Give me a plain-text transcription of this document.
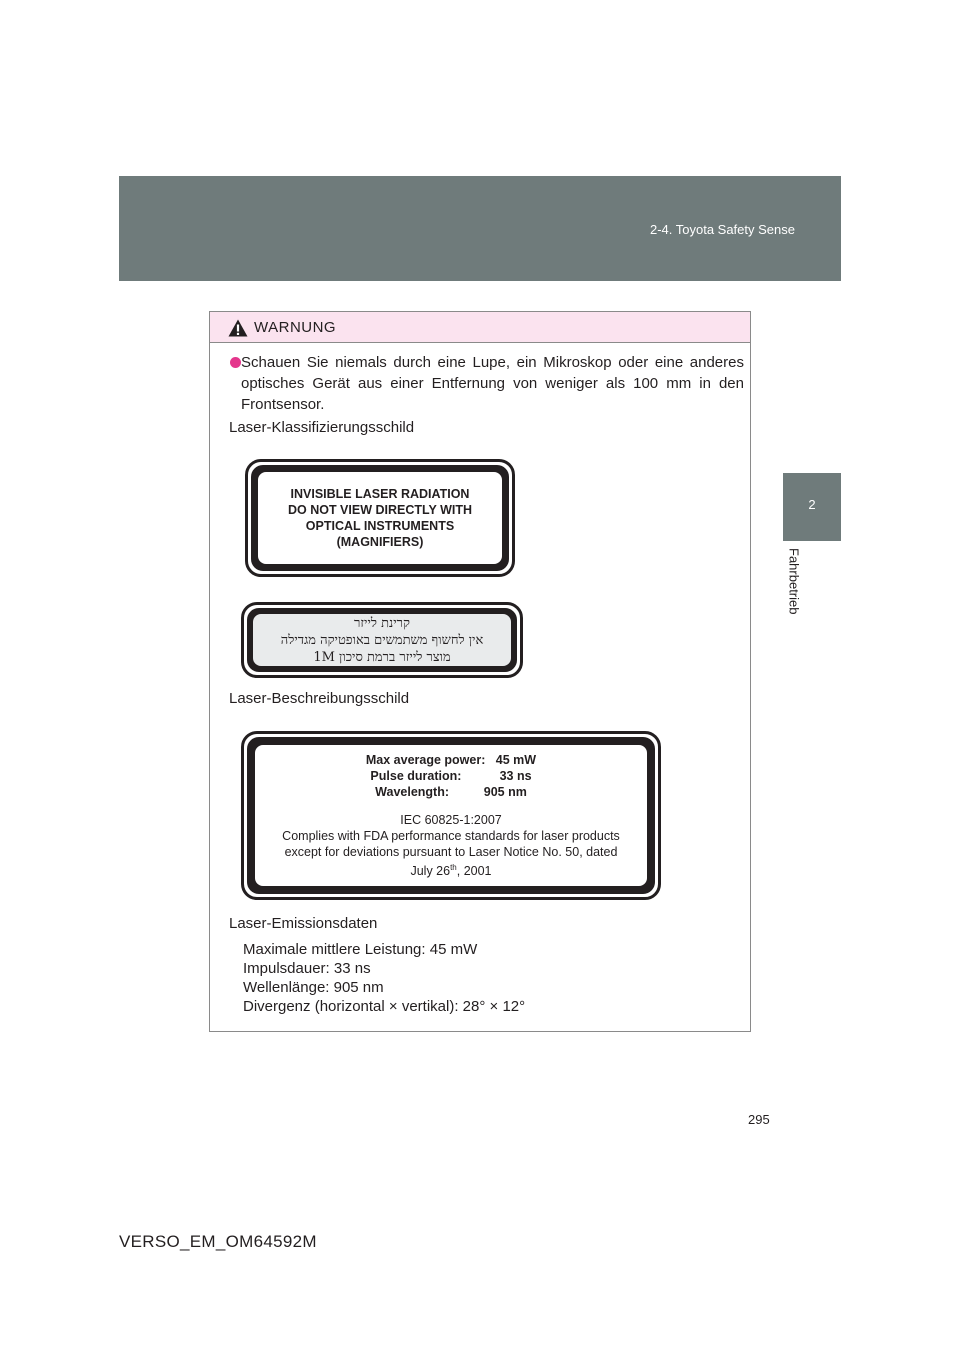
2-4. Toyota Safety Sense
2
Fahrbetrieb
WARNUNG
Schauen Sie niemals durch eine Lupe, ein Mikroskop oder eine anderes optisches Gerät aus einer Entfernung von weniger als 100 mm in den Frontsensor.
Laser-Klassifizierungsschild
INVISIBLE LASER RADIATION
DO NOT VIEW DIRECTLY WITH
OPTICAL INSTRUMENTS
(MAGNIFIERS)
קרינת לייזר
אין לחשוף משתמשים באופטיקה מגדילה
מוצר לייזר ברמת סיכון 1M
Laser-Beschreibungsschild
Max average power:   45 mW
Pulse duration:           33 ns
Wavelength:          905 nm
IEC 60825-1:2007
Complies with FDA performance standards for laser products
except for deviations pursuant to Laser Notice No. 50, dated
July 26th, 2001
Laser-Emissionsdaten
Maximale mittlere Leistung: 45 mW
Impulsdauer: 33 ns
Wellenlänge: 905 nm
Divergenz (horizontal × vertikal): 28° × 12°
295
VERSO_EM_OM64592M
